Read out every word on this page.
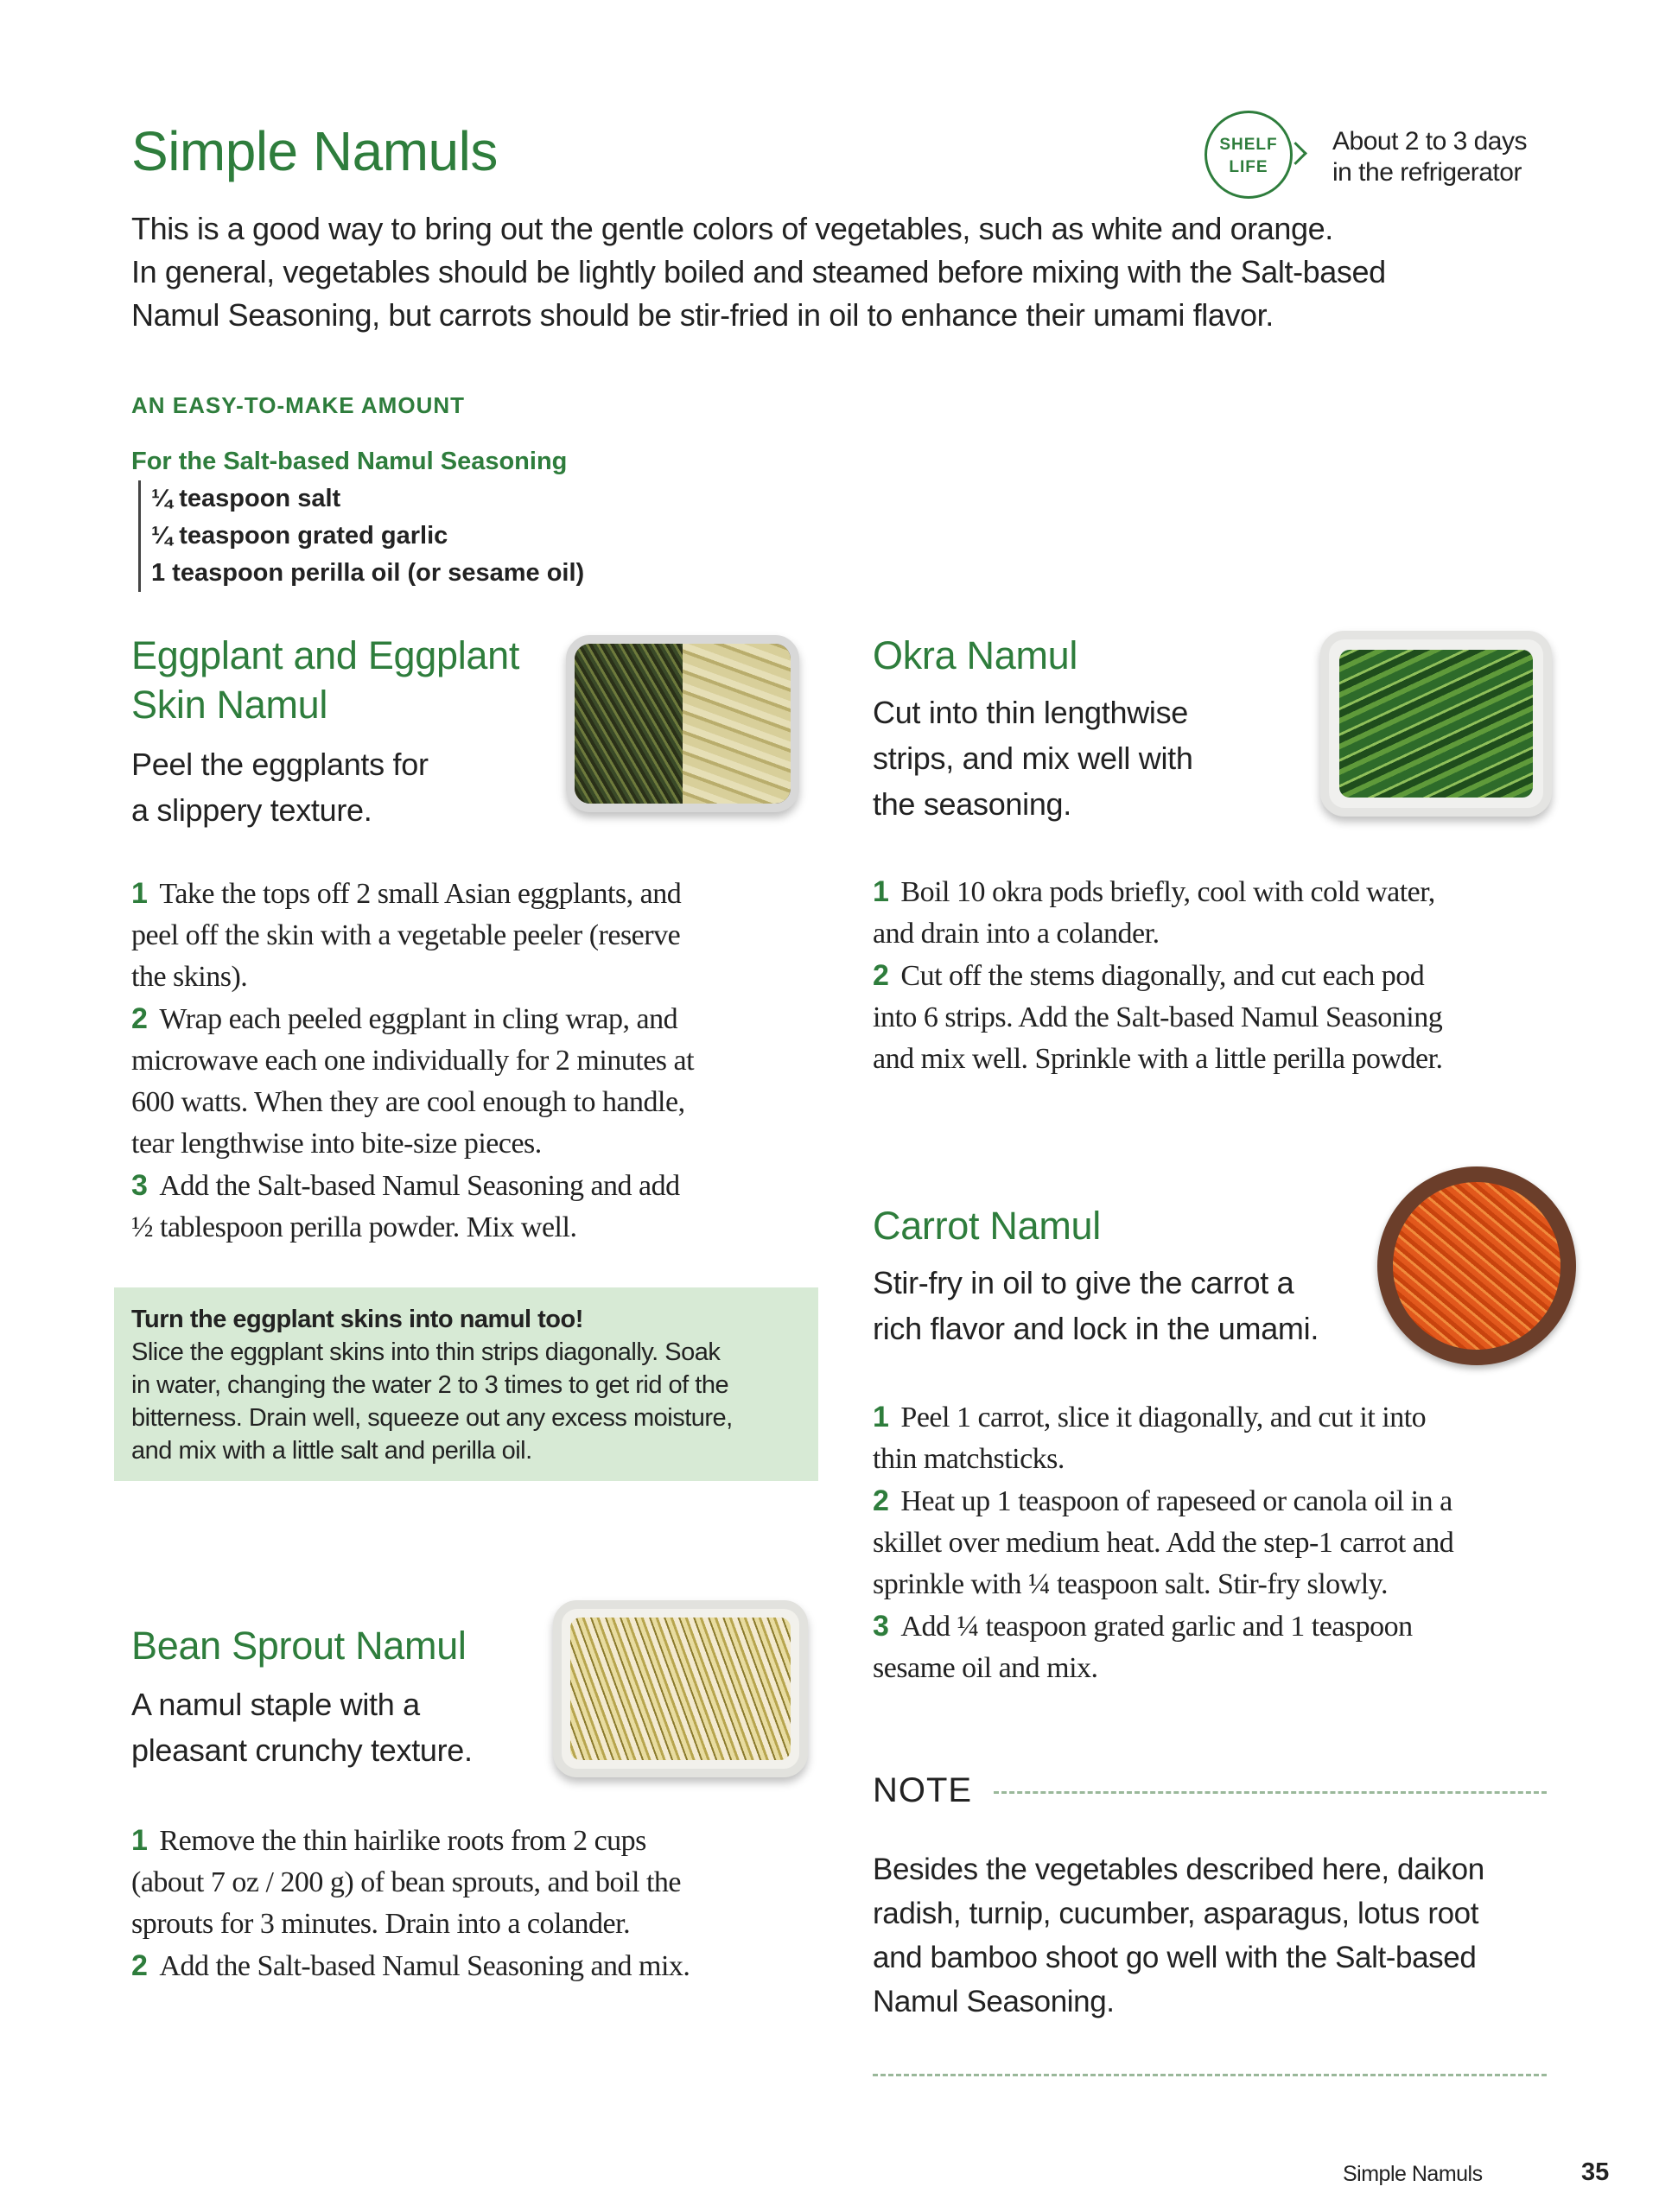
Simple Namuls	SHELF
LIFE
About 2 to 3 days
in the refrigerator
This is a good way to bring out the gentle colors of vegetables, such as white and orange.
In general, vegetables should be lightly boiled and steamed before mixing with the Salt-based
Namul Seasoning, but carrots should be stir-fried in oil to enhance their umami flavor.
AN EASY-TO-MAKE AMOUNT
For the Salt-based Namul Seasoning
¼ teaspoon salt
¼ teaspoon grated garlic
1 teaspoon perilla oil (or sesame oil)
Eggplant and Eggplant
Skin Namul
Peel the eggplants for
a slippery texture.
1 Take the tops off 2 small Asian eggplants, and
peel off the skin with a vegetable peeler (reserve
the skins).
2 Wrap each peeled eggplant in cling wrap, and
microwave each one individually for 2 minutes at
600 watts. When they are cool enough to handle,
tear lengthwise into bite-size pieces.
3 Add the Salt-based Namul Seasoning and add
½ tablespoon perilla powder. Mix well.
Turn the eggplant skins into namul too!
Slice the eggplant skins into thin strips diagonally. Soak
in water, changing the water 2 to 3 times to get rid of the
bitterness. Drain well, squeeze out any excess moisture,
and mix with a little salt and perilla oil.
Okra Namul
Cut into thin lengthwise
strips, and mix well with
the seasoning.
1 Boil 10 okra pods briefly, cool with cold water,
and drain into a colander.
2 Cut off the stems diagonally, and cut each pod
into 6 strips. Add the Salt-based Namul Seasoning
and mix well. Sprinkle with a little perilla powder.
Carrot Namul
Stir-fry in oil to give the carrot a
rich flavor and lock in the umami.
1 Peel 1 carrot, slice it diagonally, and cut it into
thin matchsticks.
2 Heat up 1 teaspoon of rapeseed or canola oil in a
skillet over medium heat. Add the step-1 carrot and
sprinkle with ¼ teaspoon salt. Stir-fry slowly.
3 Add ¼ teaspoon grated garlic and 1 teaspoon
sesame oil and mix.
Bean Sprout Namul
A namul staple with a
pleasant crunchy texture.
1 Remove the thin hairlike roots from 2 cups
(about 7 oz / 200 g) of bean sprouts, and boil the
sprouts for 3 minutes. Drain into a colander.
2 Add the Salt-based Namul Seasoning and mix.
NOTE
Besides the vegetables described here, daikon
radish, turnip, cucumber, asparagus, lotus root
and bamboo shoot go well with the Salt-based
Namul Seasoning.
Simple Namuls	35
